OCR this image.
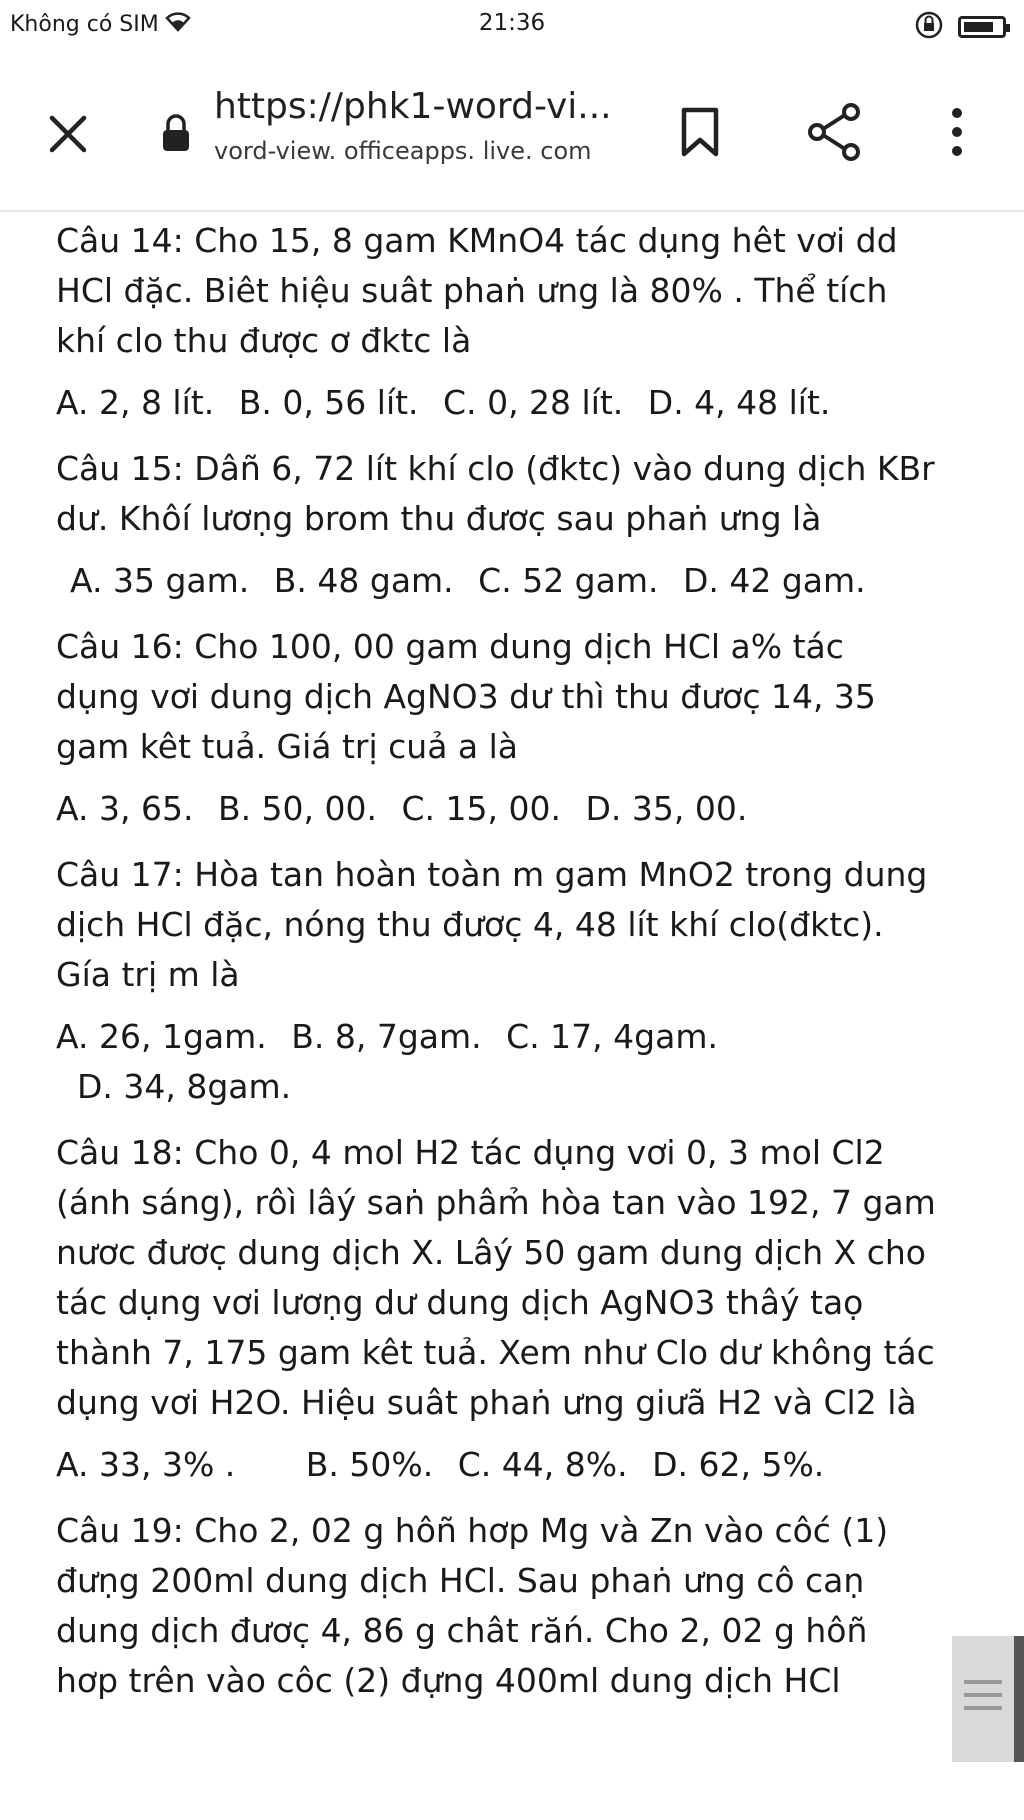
Không có SIM	21:36
https://phk1-word-vi...
vord-view. officeapps. live. com

Câu 14: Cho 15, 8 gam KMnO4 tác dụng hêt vơi dd HCl đặc. Biêt hiệu suât phaṅ ưng là 80% . Thể tích khí clo thu được ơ đktc là

A. 2, 8 lít. B. 0, 56 lít. C. 0, 28 lít. D. 4, 48 lít.

Câu 15: Dâñ 6, 72 lít khí clo (đktc) vào dung dịch KBr dư. Khôí lươṇg brom thu đươc̣ sau phaṅ ưng là

A. 35 gam. B. 48 gam. C. 52 gam. D. 42 gam.

Câu 16: Cho 100, 00 gam dung dịch HCl a% tác dụng vơi dung dịch AgNO3 dư thì thu đươc̣ 14, 35 gam kêt tuả. Giá trị cuả a là

A. 3, 65. B. 50, 00. C. 15, 00. D. 35, 00.

Câu 17: Hòa tan hoàn toàn m gam MnO2 trong dung dịch HCl đặc, nóng thu đươc̣ 4, 48 lít khí clo(đktc). Gía trị m là

A. 26, 1gam. B. 8, 7gam. C. 17, 4gam.
D. 34, 8gam.

Câu 18: Cho 0, 4 mol H2 tác dụng vơi 0, 3 mol Cl2 (ánh sáng), rôì lâý saṅ phâm̉ hòa tan vào 192, 7 gam nươc đươc̣ dung dịch X. Lâý 50 gam dung dịch X cho tác dụng vơi lươṇg dư dung dịch AgNO3 thâý taọ thành 7, 175 gam kêt tuả. Xem như Clo dư không tác dụng vơi H2O. Hiệu suât phaṅ ưng giưã H2 và Cl2 là

A. 33, 3% . B. 50%. C. 44, 8%. D. 62, 5%.

Câu 19: Cho 2, 02 g hôñ hơp Mg và Zn vào côć (1) đưṇg 200ml dung dịch HCl. Sau phaṅ ưng cô caṇ dung dịch đươc̣ 4, 86 g chât răń. Cho 2, 02 g hôñ hơp trên vào côc (2) đựng 400ml dung dịch HCl
